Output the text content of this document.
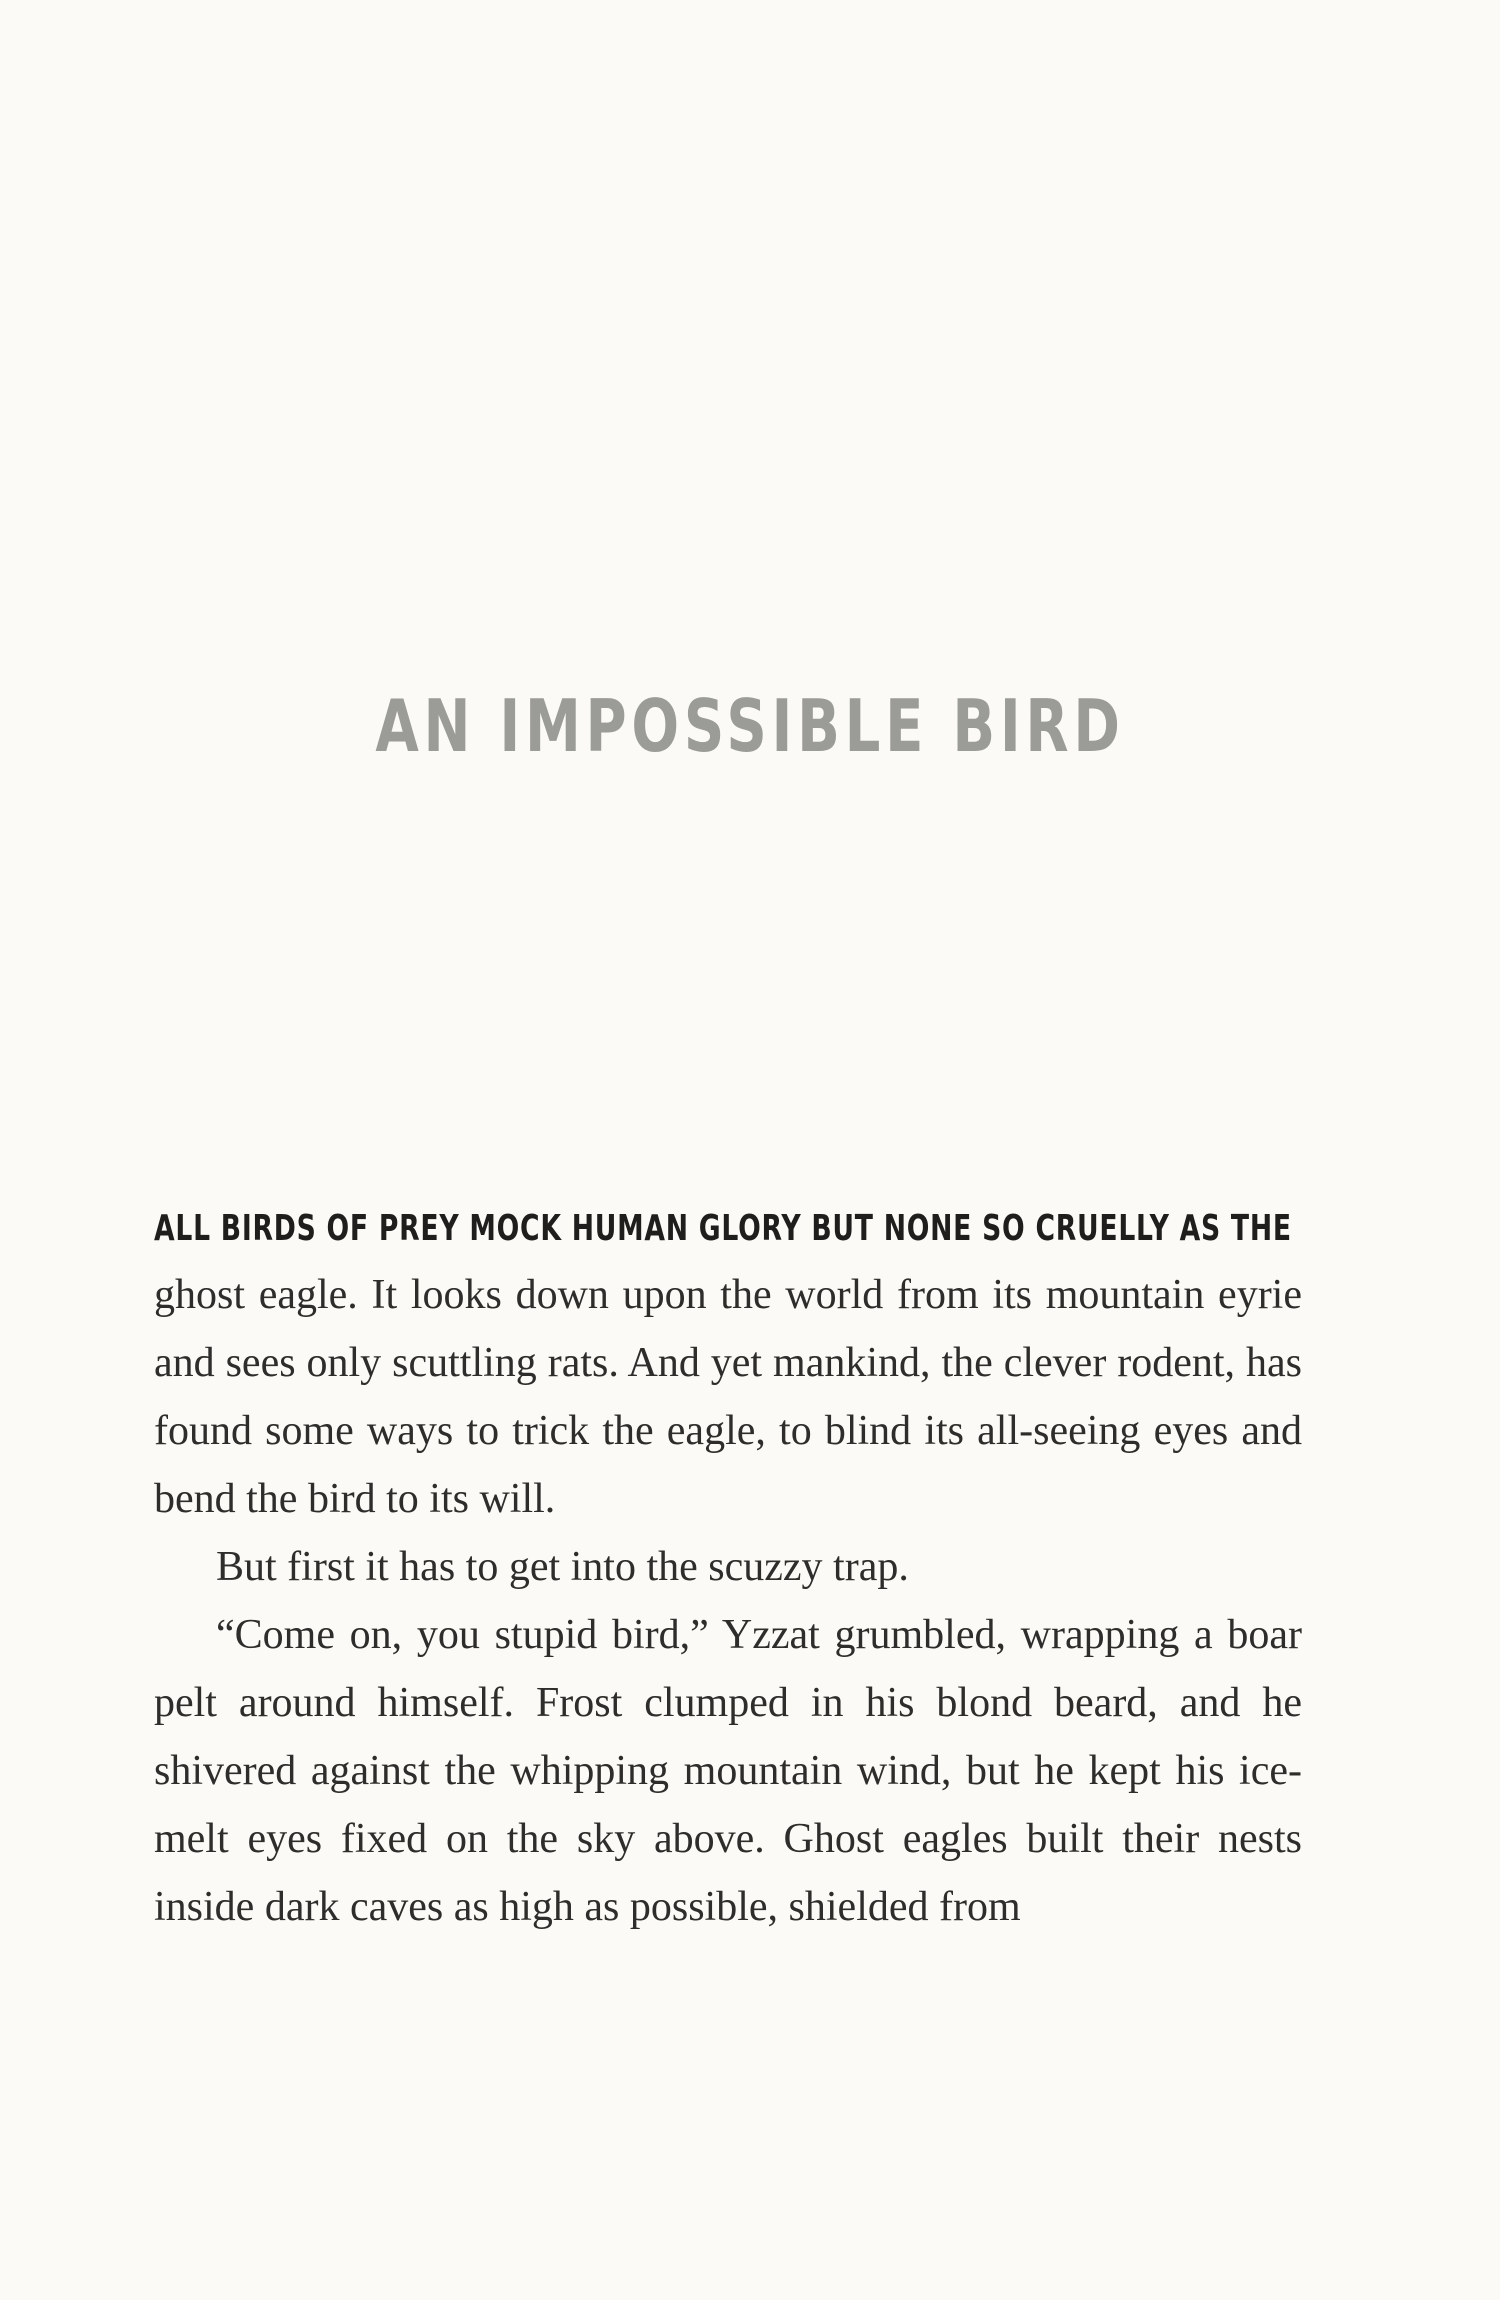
AN IMPOSSIBLE BIRD
ALL BIRDS OF PREY MOCK HUMAN GLORY BUT NONE SO CRUELLY AS THE

ghost eagle. It looks down upon the world from its mountain eyrie and sees only scuttling rats. And yet mankind, the clever rodent, has found some ways to trick the eagle, to blind its all-seeing eyes and bend the bird to its will.

But first it has to get into the scuzzy trap.

“Come on, you stupid bird,” Yzzat grumbled, wrapping a boar pelt around himself. Frost clumped in his blond beard, and he shivered against the whipping mountain wind, but he kept his ice-melt eyes fixed on the sky above. Ghost eagles built their nests inside dark caves as high as possible, shielded from
